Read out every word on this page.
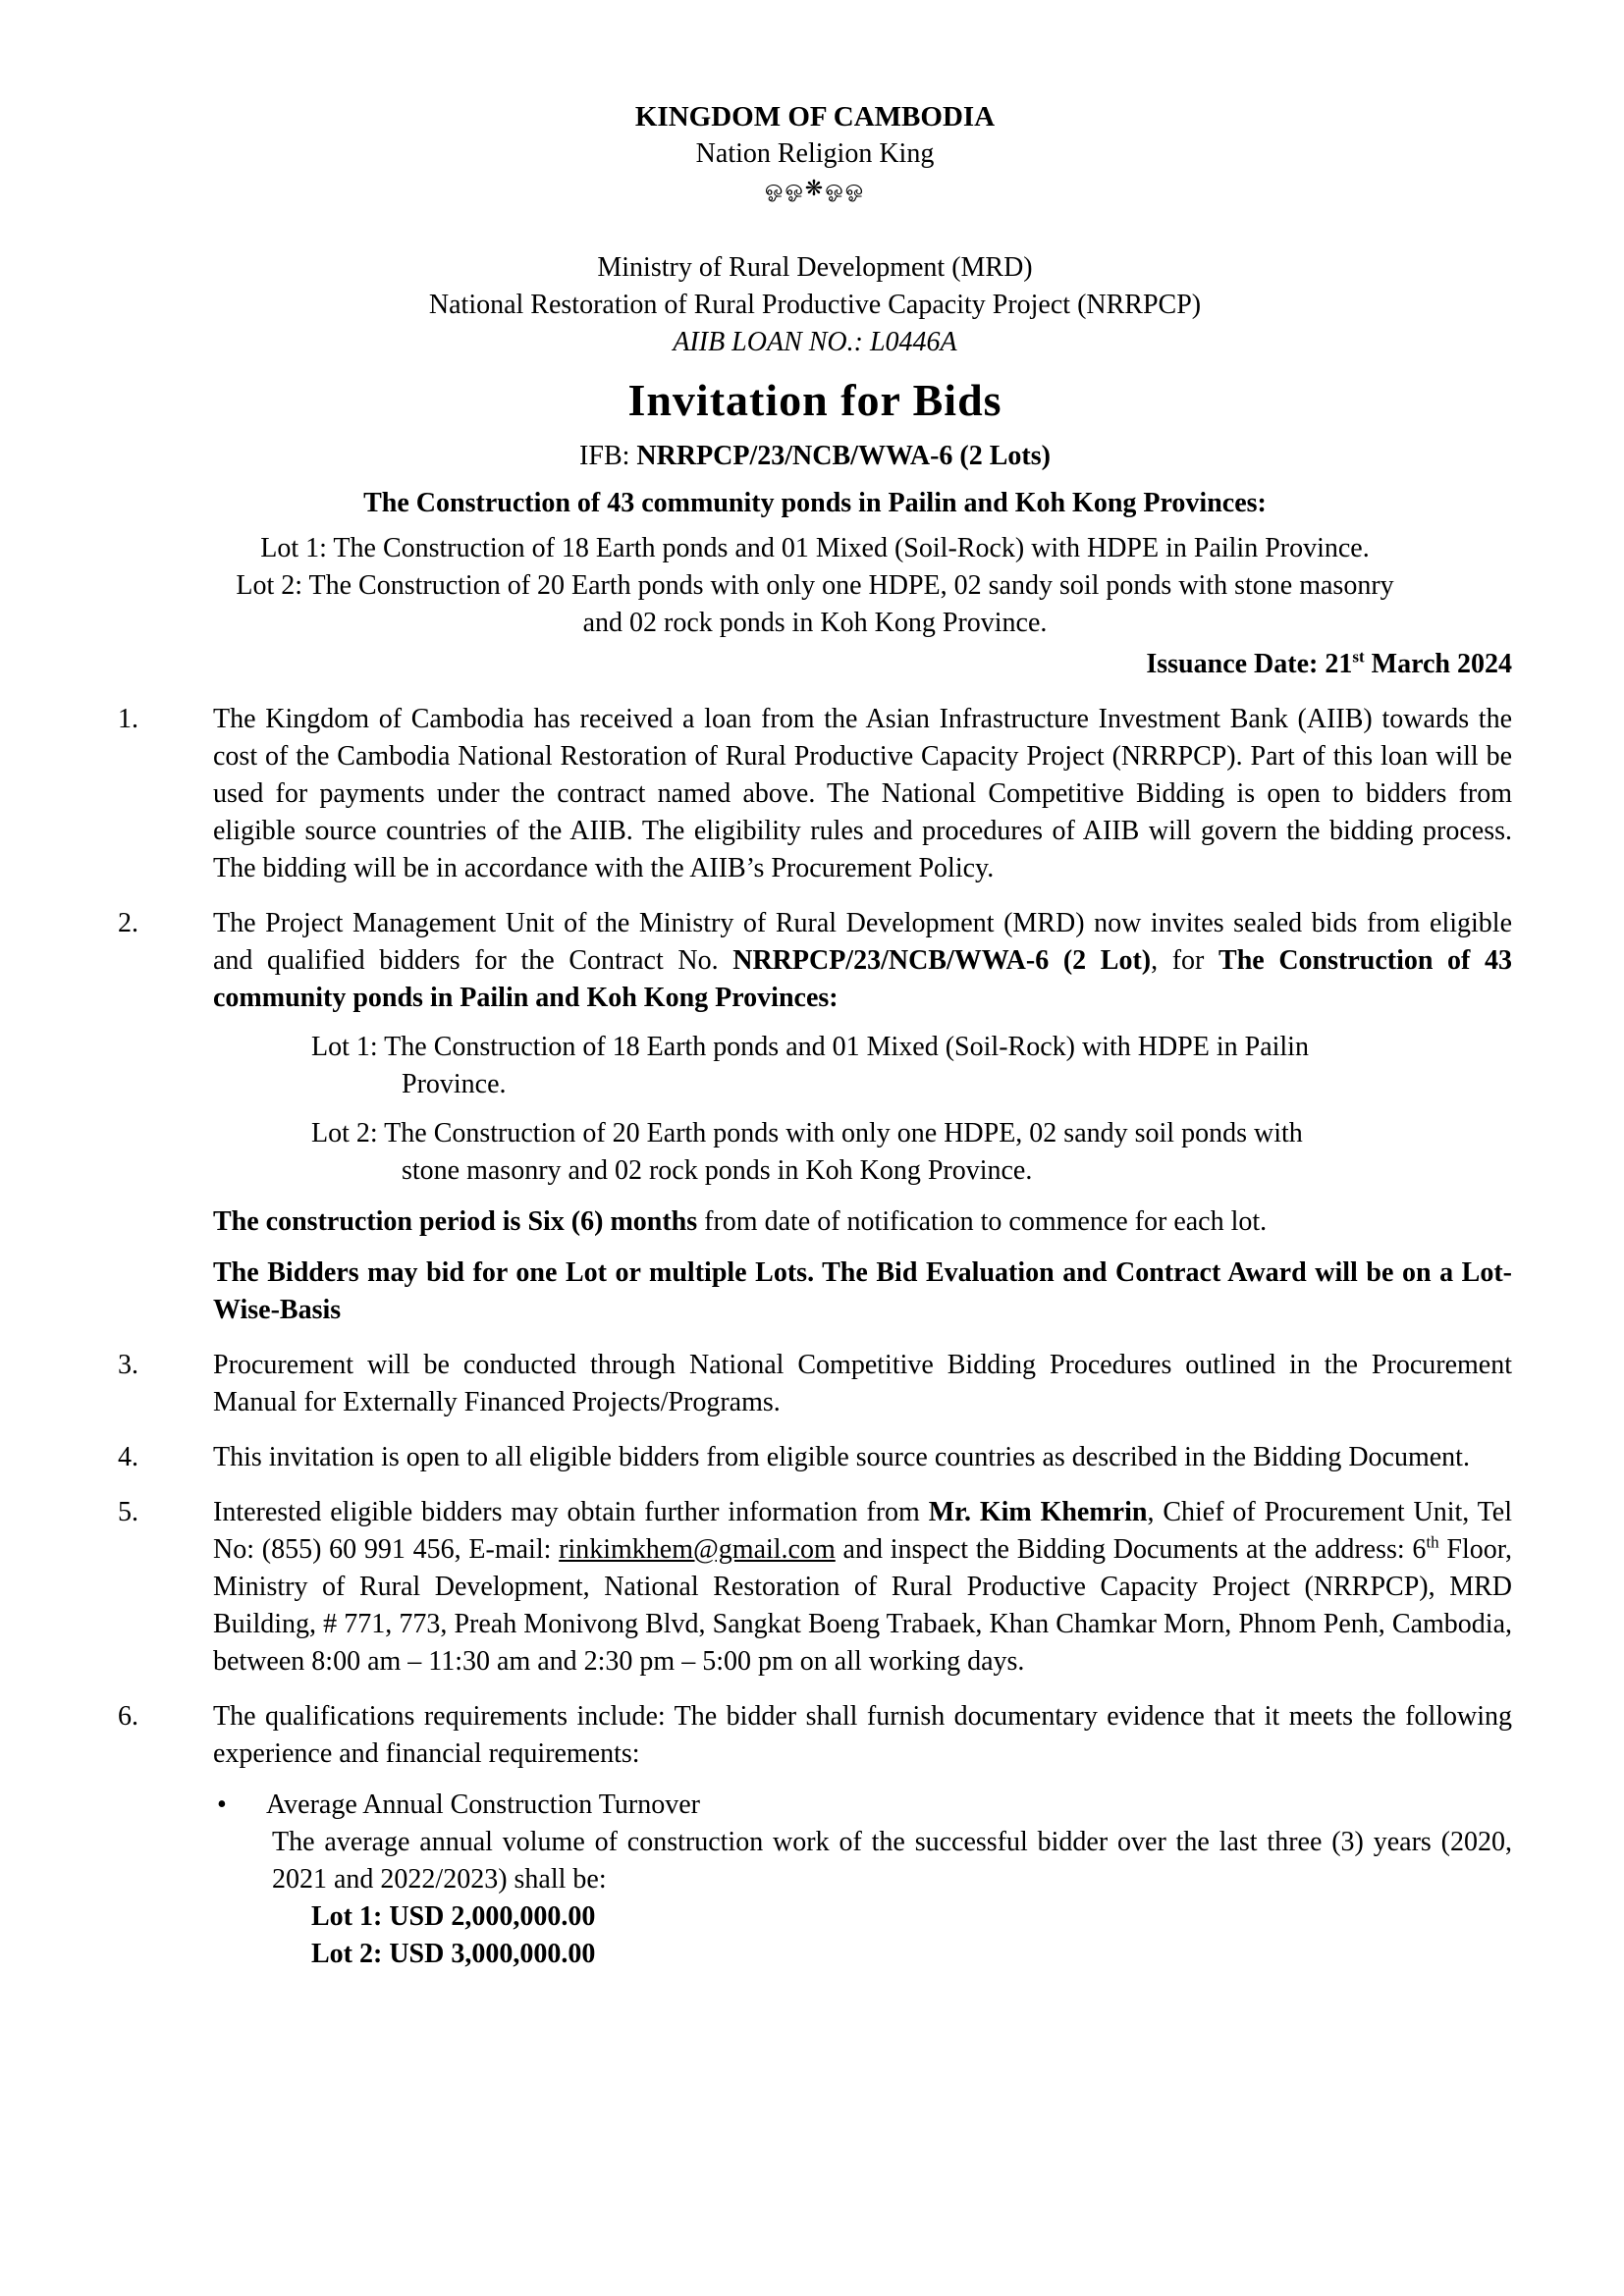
KINGDOM OF CAMBODIA
Nation Religion King
ஓஓ❋ஓஓ
Ministry of Rural Development (MRD)
National Restoration of Rural Productive Capacity Project (NRRPCP)
AIIB LOAN NO.: L0446A
Invitation for Bids
IFB: NRRPCP/23/NCB/WWA-6 (2 Lots)
The Construction of 43 community ponds in Pailin and Koh Kong Provinces:
Lot 1: The Construction of 18 Earth ponds and 01 Mixed (Soil-Rock) with HDPE in Pailin Province.
Lot 2: The Construction of 20 Earth ponds with only one HDPE, 02 sandy soil ponds with stone masonry
and 02 rock ponds in Koh Kong Province.
Issuance Date: 21st March 2024
1.	The Kingdom of Cambodia has received a loan from the Asian Infrastructure Investment Bank (AIIB) towards the cost of the Cambodia National Restoration of Rural Productive Capacity Project (NRRPCP). Part of this loan will be used for payments under the contract named above. The National Competitive Bidding is open to bidders from eligible source countries of the AIIB. The eligibility rules and procedures of AIIB will govern the bidding process. The bidding will be in accordance with the AIIB’s Procurement Policy.
2.	The Project Management Unit of the Ministry of Rural Development (MRD) now invites sealed bids from eligible and qualified bidders for the Contract No. NRRPCP/23/NCB/WWA-6 (2 Lot), for The Construction of 43 community ponds in Pailin and Koh Kong Provinces:
Lot 1: The Construction of 18 Earth ponds and 01 Mixed (Soil-Rock) with HDPE in Pailin
Province.
Lot 2: The Construction of 20 Earth ponds with only one HDPE, 02 sandy soil ponds with
stone masonry and 02 rock ponds in Koh Kong Province.
The construction period is Six (6) months from date of notification to commence for each lot.
The Bidders may bid for one Lot or multiple Lots. The Bid Evaluation and Contract Award will be on a Lot-Wise-Basis
3.	Procurement will be conducted through National Competitive Bidding Procedures outlined in the Procurement Manual for Externally Financed Projects/Programs.
4.	This invitation is open to all eligible bidders from eligible source countries as described in the Bidding Document.
5.	Interested eligible bidders may obtain further information from Mr. Kim Khemrin, Chief of Procurement Unit, Tel No: (855) 60 991 456, E-mail: rinkimkhem@gmail.com and inspect the Bidding Documents at the address: 6th Floor, Ministry of Rural Development, National Restoration of Rural Productive Capacity Project (NRRPCP), MRD Building, # 771, 773, Preah Monivong Blvd, Sangkat Boeng Trabaek, Khan Chamkar Morn, Phnom Penh, Cambodia, between 8:00 am – 11:30 am and 2:30 pm – 5:00 pm on all working days.
6.	The qualifications requirements include: The bidder shall furnish documentary evidence that it meets the following experience and financial requirements:
•	Average Annual Construction Turnover
The average annual volume of construction work of the successful bidder over the last three (3) years (2020, 2021 and 2022/2023) shall be:
Lot 1: USD 2,000,000.00
Lot 2: USD 3,000,000.00
